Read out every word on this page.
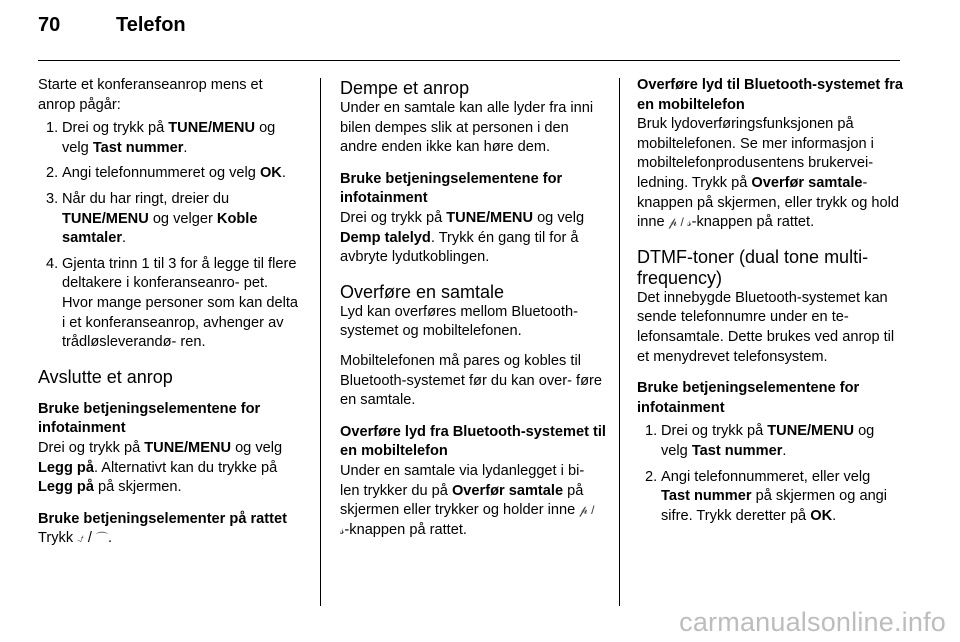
70	Telefon

Starte et konferanseanrop mens et anrop pågår:

1. Drei og trykk på TUNE/MENU og velg Tast nummer.
2. Angi telefonnummeret og velg OK.
3. Når du har ringt, dreier du TUNE/MENU og velger Koble samtaler.
4. Gjenta trinn 1 til 3 for å legge til flere deltakere i konferanseanro- pet. Hvor mange personer som kan delta i et konferanseanrop, avhenger av trådløsleverandø- ren.
Avslutte et anrop
Bruke betjeningselementene for infotainment

Drei og trykk på TUNE/MENU og velg Legg på. Alternativt kan du trykke på Legg på på skjermen.

Bruke betjeningselementer på rattet

Trykk ⍻ / ⌒.

Dempe et anrop

Under en samtale kan alle lyder fra inni bilen dempes slik at personen i den andre enden ikke kan høre dem.

Bruke betjeningselementene for infotainment

Drei og trykk på TUNE/MENU og velg Demp talelyd. Trykk én gang til for å avbryte lydutkoblingen.

Overføre en samtale

Lyd kan overføres mellom Bluetooth- systemet og mobiltelefonen.

Mobiltelefonen må pares og kobles til Bluetooth-systemet før du kan over- føre en samtale.

Overføre lyd fra Bluetooth-systemet til en mobiltelefon

Under en samtale via lydanlegget i bi- len trykker du på Overfør samtale på skjermen eller trykker og holder inne 𝓅 / 𝓈-knappen på rattet.

Overføre lyd til Bluetooth-systemet fra en mobiltelefon

Bruk lydoverføringsfunksjonen på mobiltelefonen. Se mer informasjon i mobiltelefonprodusentens brukervei- ledning. Trykk på Overfør samtale- knappen på skjermen, eller trykk og hold inne 𝓅 / 𝓈-knappen på rattet.

DTMF-toner (dual tone multi- frequency)

Det innebygde Bluetooth-systemet kan sende telefonnumre under en te- lefonsamtale. Dette brukes ved anrop til et menydrevet telefonsystem.

Bruke betjeningselementene for infotainment
1. Drei og trykk på TUNE/MENU og velg Tast nummer.
2. Angi telefonnummeret, eller velg Tast nummer på skjermen og angi sifre. Trykk deretter på OK.
carmanualsonline.info
